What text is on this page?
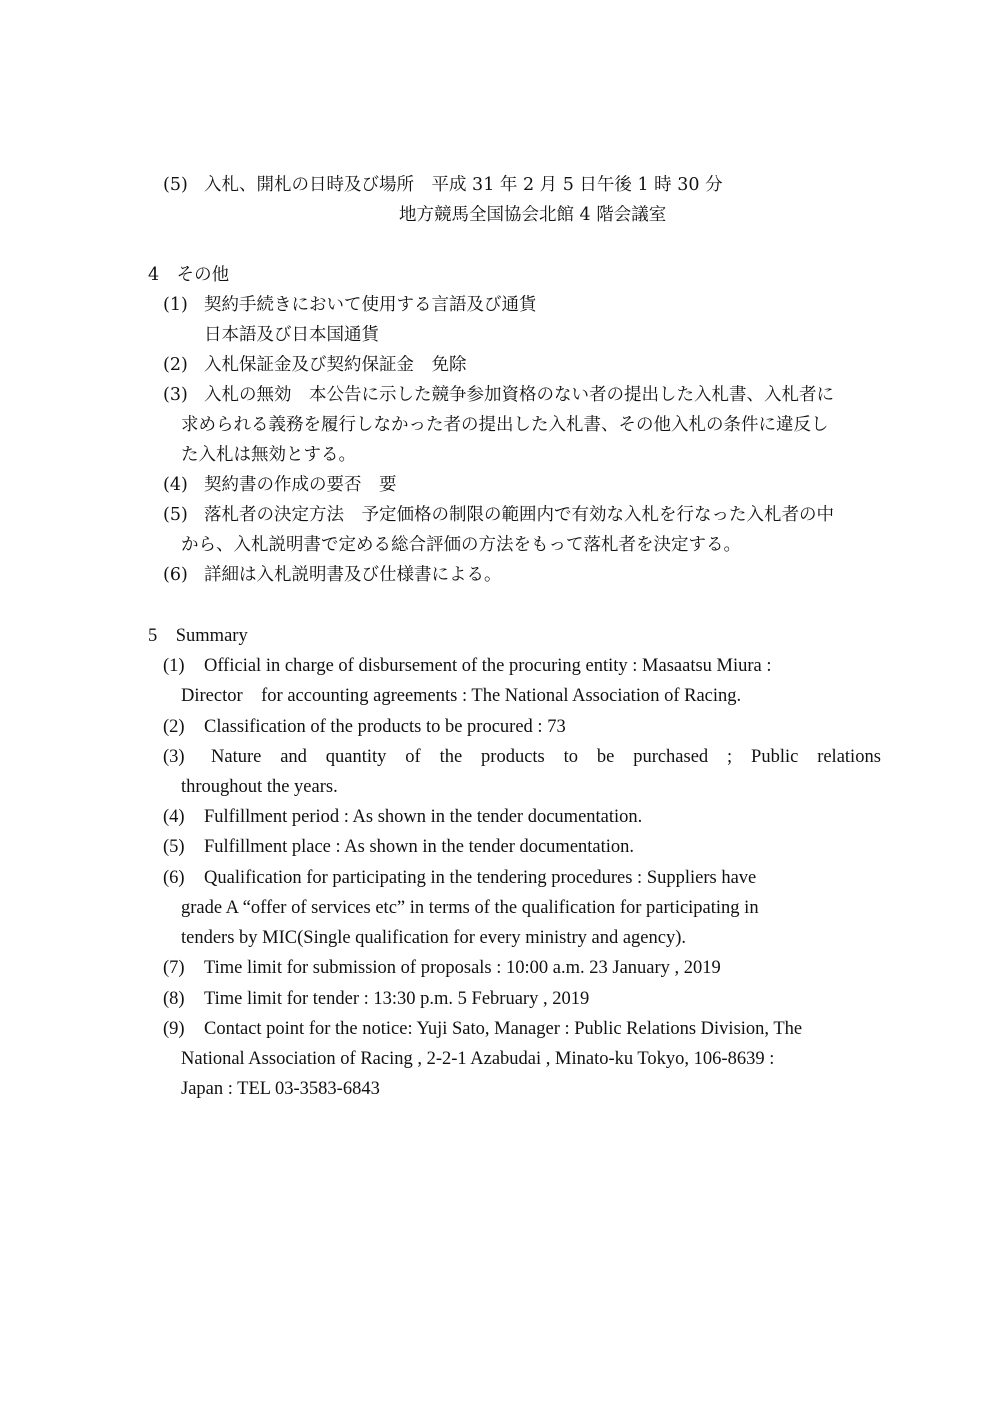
(5) 入札、開札の日時及び場所　平成 31 年 2 月 5 日午後 1 時 30 分
地方競馬全国協会北館 4 階会議室
4　その他
(1) 契約手続きにおいて使用する言語及び通貨
日本語及び日本国通貨
(2) 入札保証金及び契約保証金　免除
(3) 入札の無効　本公告に示した競争参加資格のない者の提出した入札書、入札者に
求められる義務を履行しなかった者の提出した入札書、その他入札の条件に違反し
た入札は無効とする。
(4) 契約書の作成の要否　要
(5) 落札者の決定方法　予定価格の制限の範囲内で有効な入札を行なった入札者の中
から、入札説明書で定める総合評価の方法をもって落札者を決定する。
(6) 詳細は入札説明書及び仕様書による。
5　Summary
(1) Official in charge of disbursement of the procuring entity : Masaatsu Miura :
Director　for accounting agreements : The National Association of Racing.
(2) Classification of the products to be procured : 73
(3) Nature and quantity of the products to be purchased ; Public relations
throughout the years.
(4) Fulfillment period : As shown in the tender documentation.
(5) Fulfillment place : As shown in the tender documentation.
(6) Qualification for participating in the tendering procedures : Suppliers have
grade A “offer of services etc” in terms of the qualification for participating in
tenders by MIC(Single qualification for every ministry and agency).
(7) Time limit for submission of proposals : 10:00 a.m. 23 January , 2019
(8) Time limit for tender : 13:30 p.m. 5 February , 2019
(9) Contact point for the notice: Yuji Sato, Manager : Public Relations Division, The
National Association of Racing , 2-2-1 Azabudai , Minato-ku Tokyo, 106-8639 :
Japan : TEL 03-3583-6843
